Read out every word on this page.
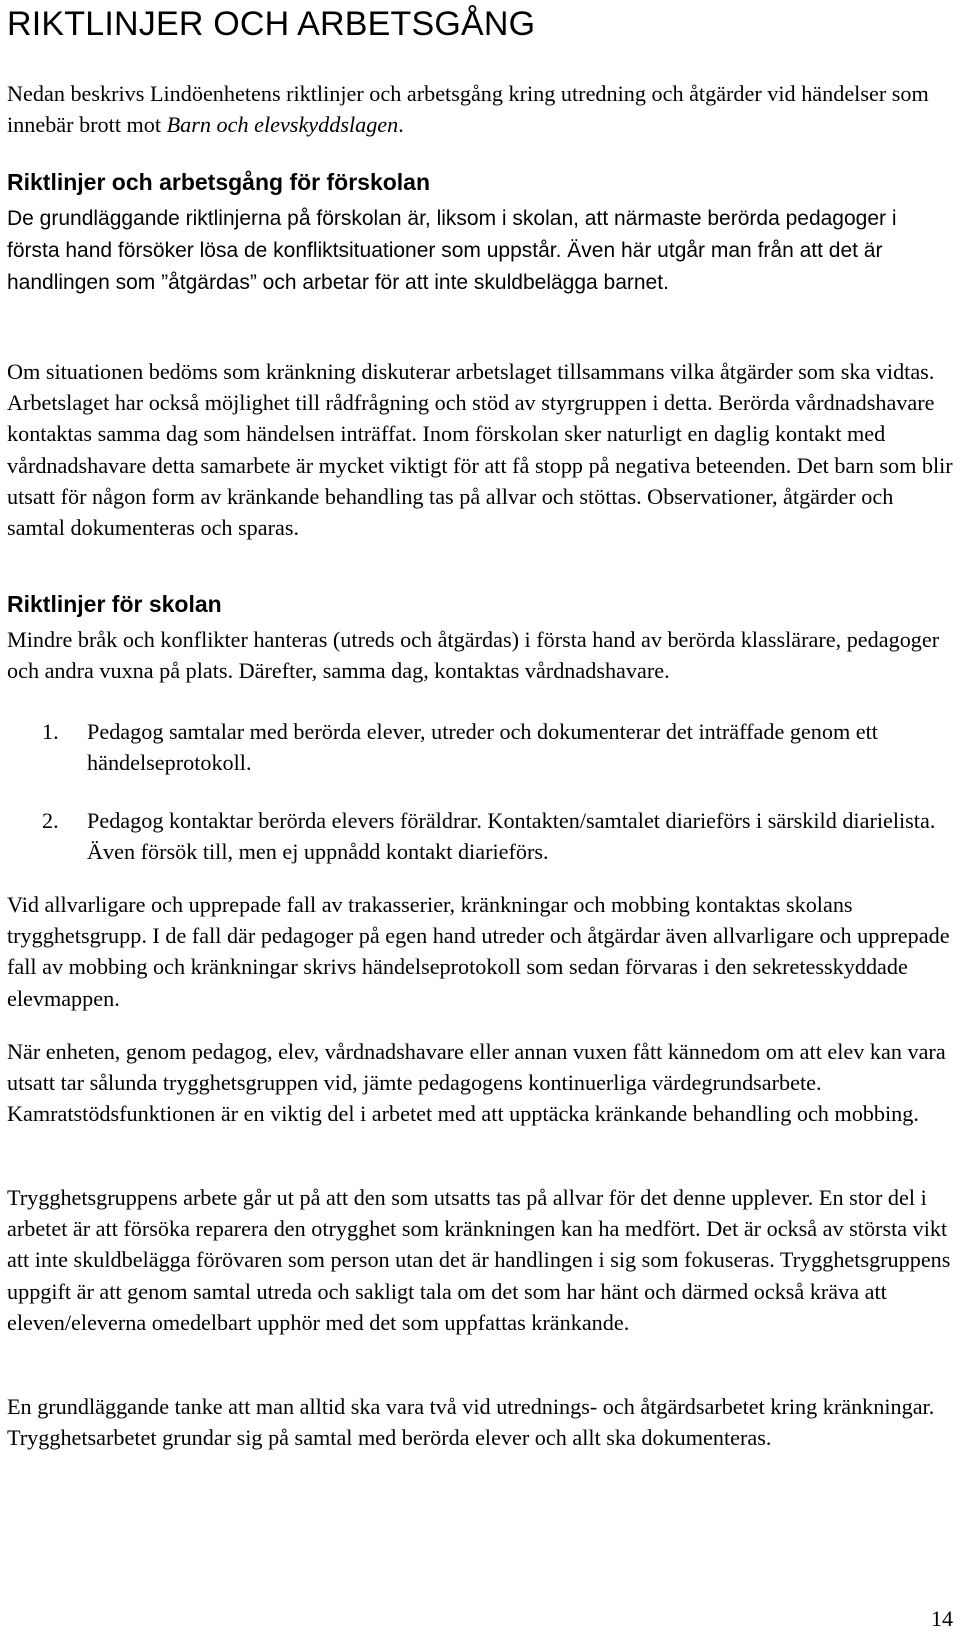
RIKTLINJER OCH ARBETSGÅNG

Nedan beskrivs Lindöenhetens riktlinjer och arbetsgång kring utredning och åtgärder vid händelser som innebär brott mot Barn och elevskyddslagen.

Riktlinjer och arbetsgång för förskolan

De grundläggande riktlinjerna på förskolan är, liksom i skolan, att närmaste berörda pedagoger i första hand försöker lösa de konfliktsituationer som uppstår. Även här utgår man från att det är handlingen som ”åtgärdas” och arbetar för att inte skuldbelägga barnet.

Om situationen bedöms som kränkning diskuterar arbetslaget tillsammans vilka åtgärder som ska vidtas. Arbetslaget har också möjlighet till rådfrågning och stöd av styrgruppen i detta. Berörda vårdnadshavare kontaktas samma dag som händelsen inträffat. Inom förskolan sker naturligt en daglig kontakt med vårdnadshavare detta samarbete är mycket viktigt för att få stopp på negativa beteenden. Det barn som blir utsatt för någon form av kränkande behandling tas på allvar och stöttas. Observationer, åtgärder och samtal dokumenteras och sparas.

Riktlinjer för skolan

Mindre bråk och konflikter hanteras (utreds och åtgärdas) i första hand av berörda klasslärare, pedagoger och andra vuxna på plats. Därefter, samma dag, kontaktas vårdnadshavare.

1.	Pedagog samtalar med berörda elever, utreder och dokumenterar det inträffade genom ett händelseprotokoll.
2.	Pedagog kontaktar berörda elevers föräldrar. Kontakten/samtalet diarieförs i särskild diarielista. Även försök till, men ej uppnådd kontakt diarieförs.

Vid allvarligare och upprepade fall av trakasserier, kränkningar och mobbing kontaktas skolans trygghetsgrupp. I de fall där pedagoger på egen hand utreder och åtgärdar även allvarligare och upprepade fall av mobbing och kränkningar skrivs händelseprotokoll som sedan förvaras i den sekretesskyddade elevmappen.

När enheten, genom pedagog, elev, vårdnadshavare eller annan vuxen fått kännedom om att elev kan vara utsatt tar sålunda trygghetsgruppen vid, jämte pedagogens kontinuerliga värdegrundsarbete. Kamratstödsfunktionen är en viktig del i arbetet med att upptäcka kränkande behandling och mobbing.

Trygghetsgruppens arbete går ut på att den som utsatts tas på allvar för det denne upplever. En stor del i arbetet är att försöka reparera den otrygghet som kränkningen kan ha medfört. Det är också av största vikt att inte skuldbelägga förövaren som person utan det är handlingen i sig som fokuseras. Trygghetsgruppens uppgift är att genom samtal utreda och sakligt tala om det som har hänt och därmed också kräva att eleven/eleverna omedelbart upphör med det som uppfattas kränkande.

En grundläggande tanke att man alltid ska vara två vid utrednings- och åtgärdsarbetet kring kränkningar. Trygghetsarbetet grundar sig på samtal med berörda elever och allt ska dokumenteras.

14
